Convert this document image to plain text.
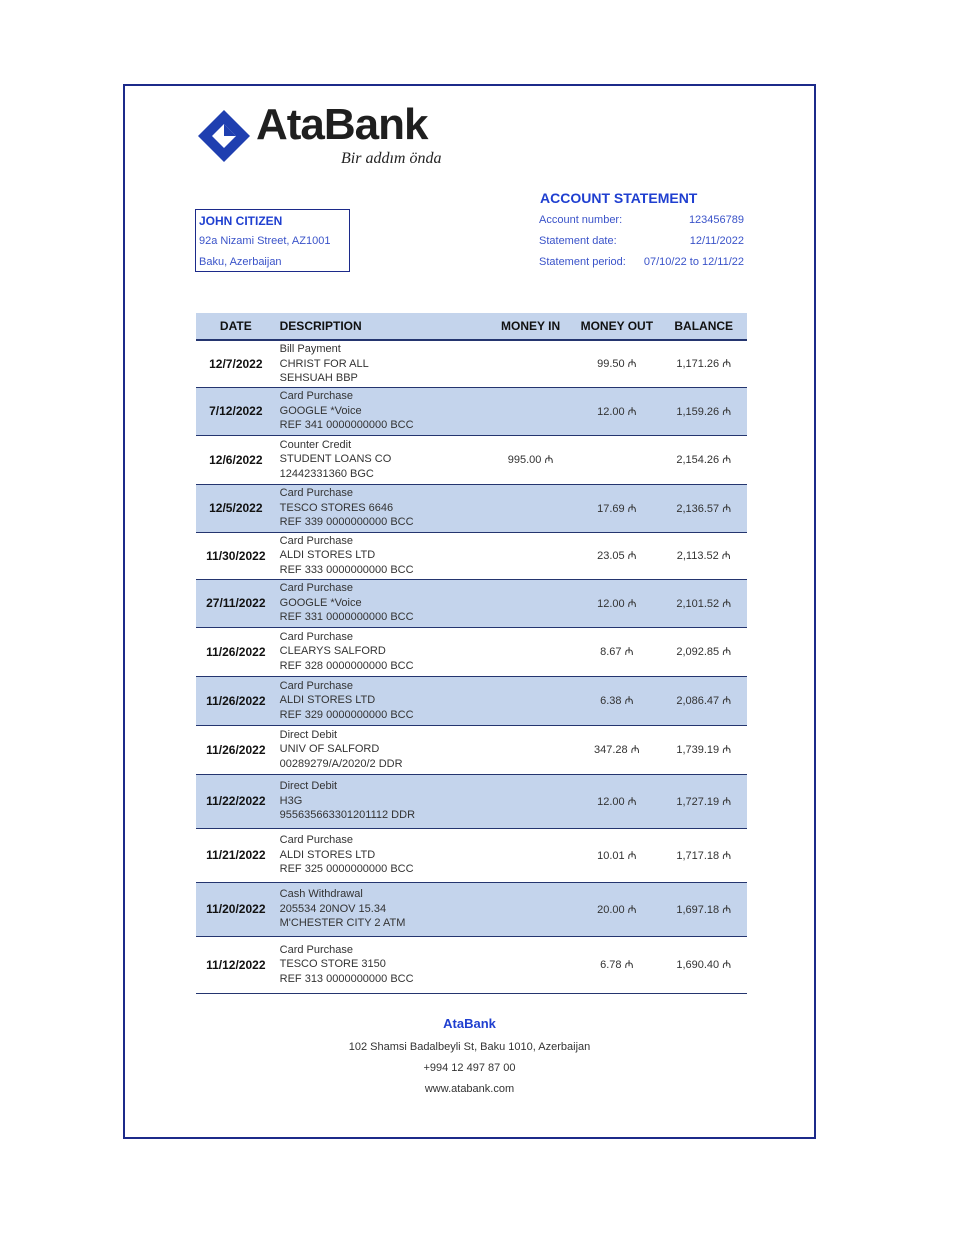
AtaBank
Bir addım önda
JOHN CITIZEN
92a Nizami Street, AZ1001
Baku, Azerbaijan
ACCOUNT STATEMENT
Account number:	123456789
Statement date:	12/11/2022
Statement period: 07/10/22 to 12/11/22
DATE	DESCRIPTION	MONEY IN	MONEY OUT	BALANCE
12/7/2022	Bill Payment
CHRIST FOR ALL
SEHSUAH BBP		99.50 ₼	1,171.26 ₼
7/12/2022	Card Purchase
GOOGLE *Voice
REF 341 0000000000 BCC		12.00 ₼	1,159.26 ₼
12/6/2022	Counter Credit
STUDENT LOANS CO
12442331360 BGC	995.00 ₼		2,154.26 ₼
12/5/2022	Card Purchase
TESCO STORES 6646
REF 339 0000000000 BCC		17.69 ₼	2,136.57 ₼
11/30/2022	Card Purchase
ALDI STORES LTD
REF 333 0000000000 BCC		23.05 ₼	2,113.52 ₼
27/11/2022	Card Purchase
GOOGLE *Voice
REF 331 0000000000 BCC		12.00 ₼	2,101.52 ₼
11/26/2022	Card Purchase
CLEARYS SALFORD
REF 328 0000000000 BCC		8.67 ₼	2,092.85 ₼
11/26/2022	Card Purchase
ALDI STORES LTD
REF 329 0000000000 BCC		6.38 ₼	2,086.47 ₼
11/26/2022	Direct Debit
UNIV OF SALFORD
00289279/A/2020/2 DDR		347.28 ₼	1,739.19 ₼
11/22/2022	Direct Debit
H3G
955635663301201112 DDR		12.00 ₼	1,727.19 ₼
11/21/2022	Card Purchase
ALDI STORES LTD
REF 325 0000000000 BCC		10.01 ₼	1,717.18 ₼
11/20/2022	Cash Withdrawal
205534 20NOV 15.34
M'CHESTER CITY 2 ATM		20.00 ₼	1,697.18 ₼
11/12/2022	Card Purchase
TESCO STORE 3150
REF 313 0000000000 BCC		6.78 ₼	1,690.40 ₼
AtaBank
102 Shamsi Badalbeyli St, Baku 1010, Azerbaijan
+994 12 497 87 00
www.atabank.com
